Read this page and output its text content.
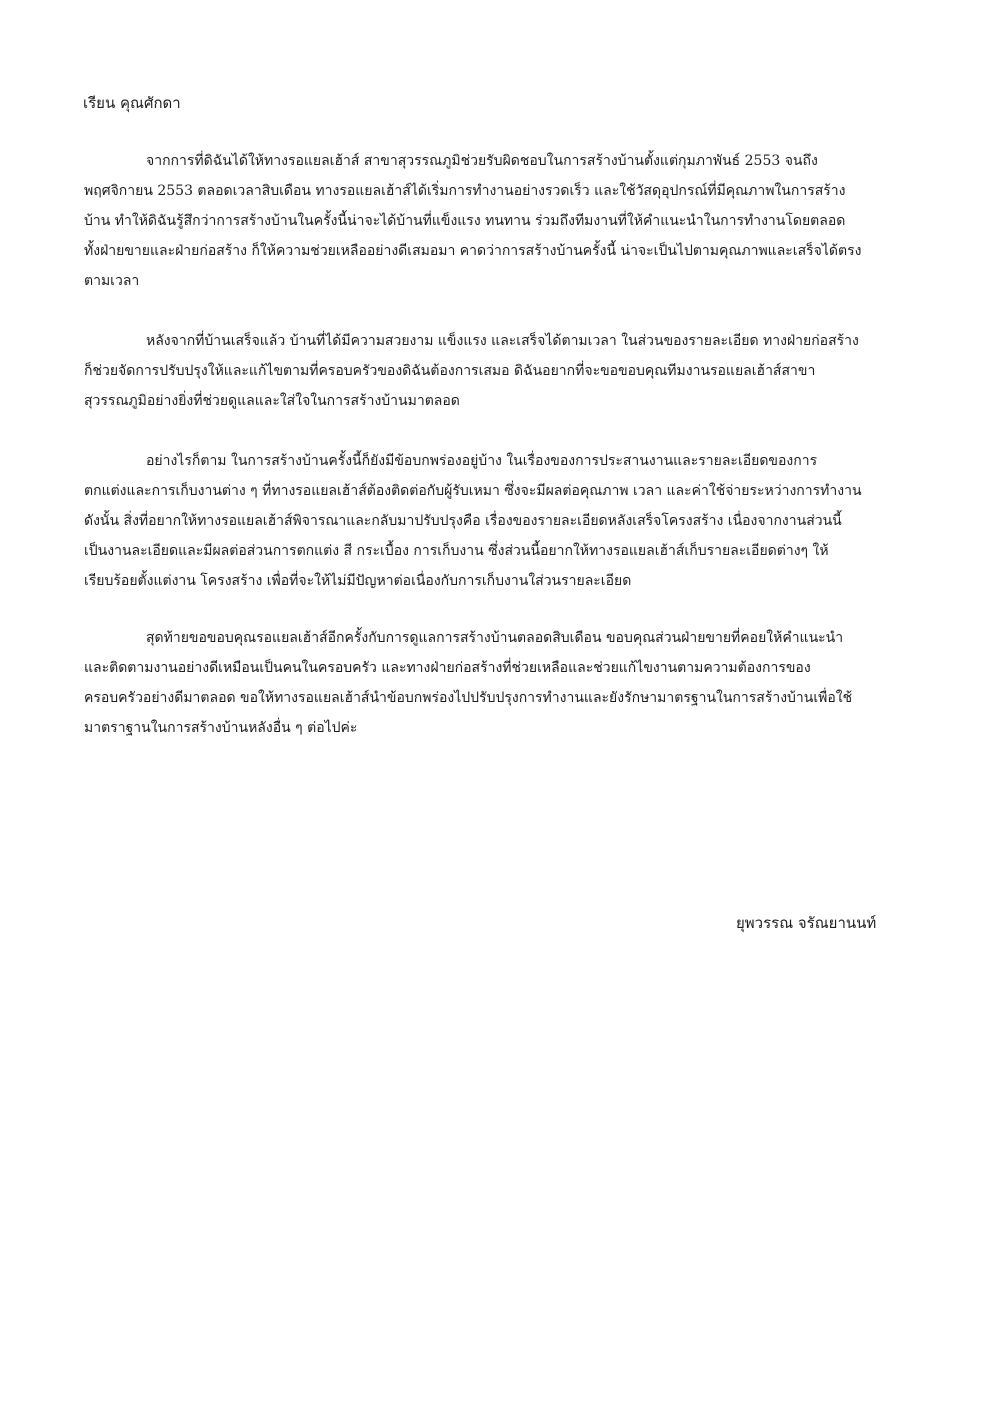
เรียน คุณศักดา
จากการที่ดิฉันได้ให้ทางรอแยลเฮ้าส์ สาขาสุวรรณภูมิช่วยรับผิดชอบในการสร้างบ้านตั้งแต่กุมภาพันธ์ 2553 จนถึง
พฤศจิกายน 2553 ตลอดเวลาสิบเดือน ทางรอแยลเฮ้าส์ได้เริ่มการทำงานอย่างรวดเร็ว และใช้วัสดุอุปกรณ์ที่มีคุณภาพในการสร้าง
บ้าน ทำให้ดิฉันรู้สึกว่าการสร้างบ้านในครั้งนี้น่าจะได้บ้านที่แข็งแรง ทนทาน ร่วมถึงทีมงานที่ให้คำแนะนำในการทำงานโดยตลอด
ทั้งฝ่ายขายและฝ่ายก่อสร้าง ก็ให้ความช่วยเหลืออย่างดีเสมอมา คาดว่าการสร้างบ้านครั้งนี้ น่าจะเป็นไปตามคุณภาพและเสร็จได้ตรง
ตามเวลา
หลังจากที่บ้านเสร็จแล้ว บ้านที่ได้มีความสวยงาม แข็งแรง และเสร็จได้ตามเวลา ในส่วนของรายละเอียด ทางฝ่ายก่อสร้าง
ก็ช่วยจัดการปรับปรุงให้และแก้ไขตามที่ครอบครัวของดิฉันต้องการเสมอ ดิฉันอยากที่จะขอขอบคุณทีมงานรอแยลเฮ้าส์สาขา
สุวรรณภูมิอย่างยิ่งที่ช่วยดูแลและใส่ใจในการสร้างบ้านมาตลอด
อย่างไรก็ตาม ในการสร้างบ้านครั้งนี้ก็ยังมีข้อบกพร่องอยู่บ้าง ในเรื่องของการประสานงานและรายละเอียดของการ
ตกแต่งและการเก็บงานต่าง ๆ ที่ทางรอแยลเฮ้าส์ต้องติดต่อกับผู้รับเหมา ซึ่งจะมีผลต่อคุณภาพ เวลา และค่าใช้จ่ายระหว่างการทำงาน
ดังนั้น สิ่งที่อยากให้ทางรอแยลเฮ้าส์พิจารณาและกลับมาปรับปรุงคือ เรื่องของรายละเอียดหลังเสร็จโครงสร้าง เนื่องจากงานส่วนนี้
เป็นงานละเอียดและมีผลต่อส่วนการตกแต่ง สี กระเบื้อง การเก็บงาน ซึ่งส่วนนี้อยากให้ทางรอแยลเฮ้าส์เก็บรายละเอียดต่างๆ ให้
เรียบร้อยตั้งแต่งาน โครงสร้าง เพื่อที่จะให้ไม่มีปัญหาต่อเนื่องกับการเก็บงานใส่วนรายละเอียด
สุดท้ายขอขอบคุณรอแยลเฮ้าส์อีกครั้งกับการดูแลการสร้างบ้านตลอดสิบเดือน ขอบคุณส่วนฝ่ายขายที่คอยให้คำแนะนำ
และติดตามงานอย่างดีเหมือนเป็นคนในครอบครัว และทางฝ่ายก่อสร้างที่ช่วยเหลือและช่วยแก้ไขงานตามความต้องการของ
ครอบครัวอย่างดีมาตลอด ขอให้ทางรอแยลเฮ้าส์นำข้อบกพร่องไปปรับปรุงการทำงานและยังรักษามาตรฐานในการสร้างบ้านเพื่อใช้
มาตราฐานในการสร้างบ้านหลังอื่น ๆ ต่อไปค่ะ
ยุพวรรณ จรัณยานนท์
